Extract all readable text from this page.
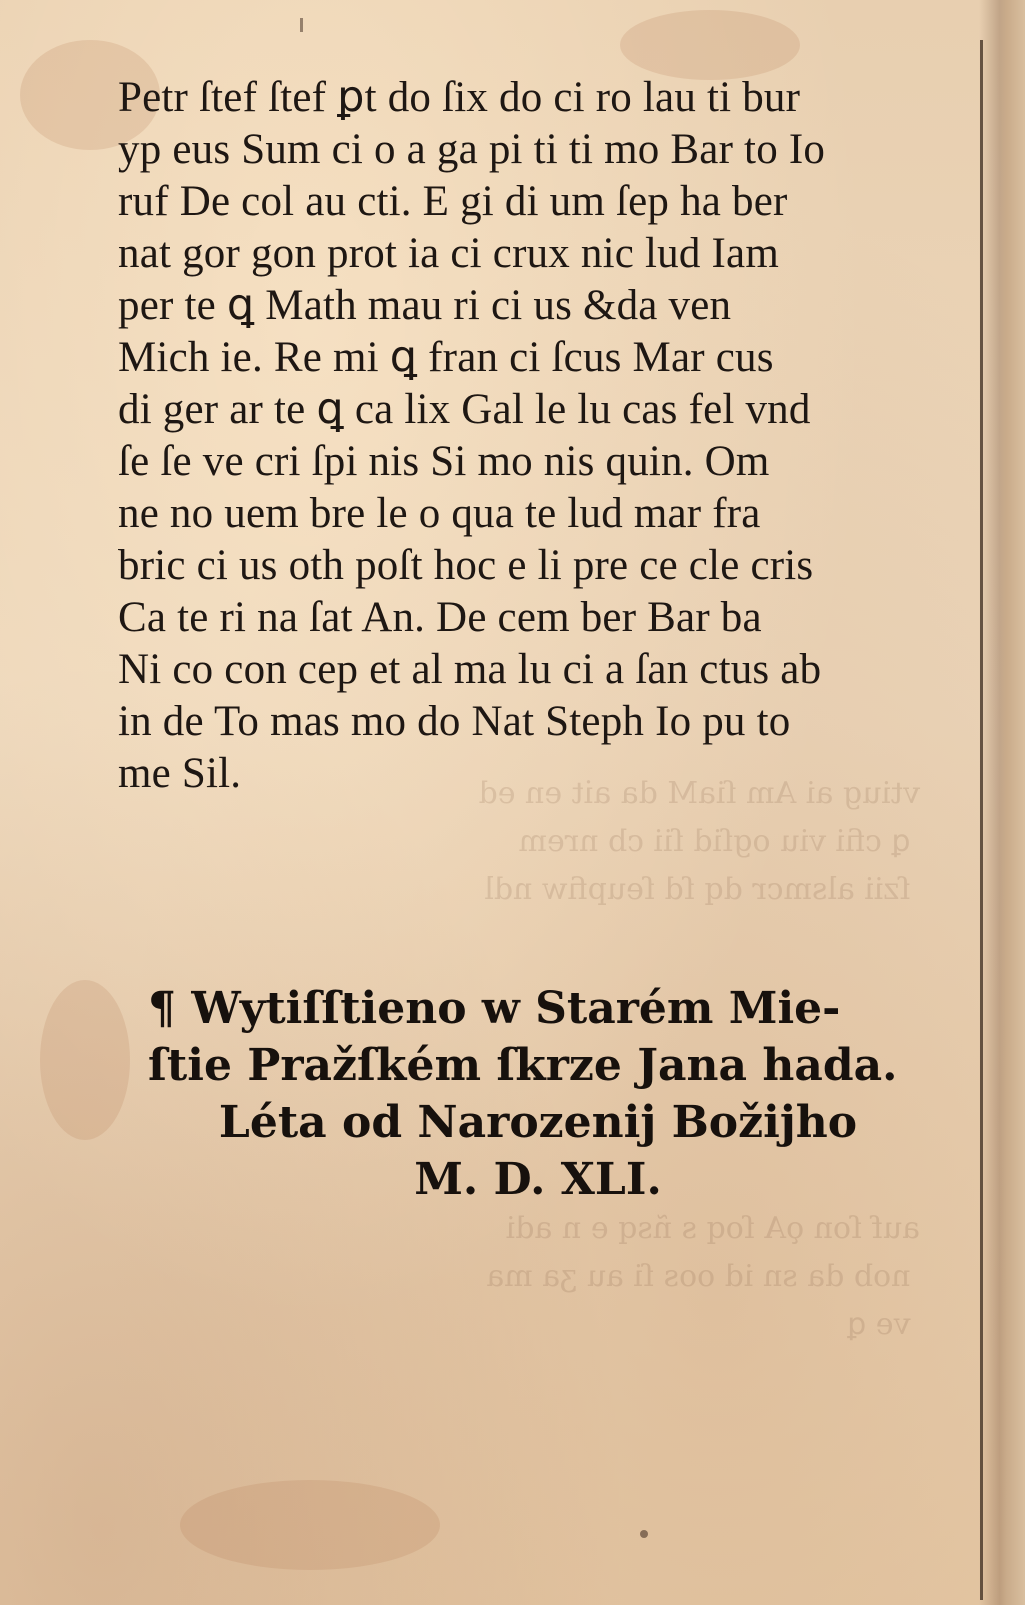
vtiug ai Am ſiaM da ai̇t en ed
ꝗ cfii viu ogſid ſii cb nrem
ſzii alsmcr dq ſd ſeupfiw ndl
auf ſon ǫA ſoq s ñsq e n adi
nob da sn id oos ſi au ʒa ma
ve ꝗ
Petr ſtef ſtef ꝑt do ſix do ci ro lau ti bur
yp eus Sum ci o a ga pi ti ti mo Bar to Io
ruf De col au cti. E gi di um ſep ha ber
nat gor gon prot ia ci crux nic lud Iam
per te ꝗ Math mau ri ci us &da ven
Mich ie. Re mi ꝗ fran ci ſcus Mar cus
di ger ar te ꝗ ca lix Gal le lu cas fel vnd
ſe ſe ve cri ſpi nis Si mo nis quin. Om
ne no uem bre le o qua te lud mar fra
bric ci us oth poſt hoc e li pre ce cle cris
Ca te ri na ſat An. De cem ber Bar ba
Ni co con cep et al ma lu ci a ſan ctus ab
in de To mas mo do Nat Steph Io pu to
me Sil.
¶ Wytiſſtieno w Starém Mie-
ſtie Pražſkém ſkrze Jana hada.
Léta od Narozenij Božijho
M. D. XLI.
